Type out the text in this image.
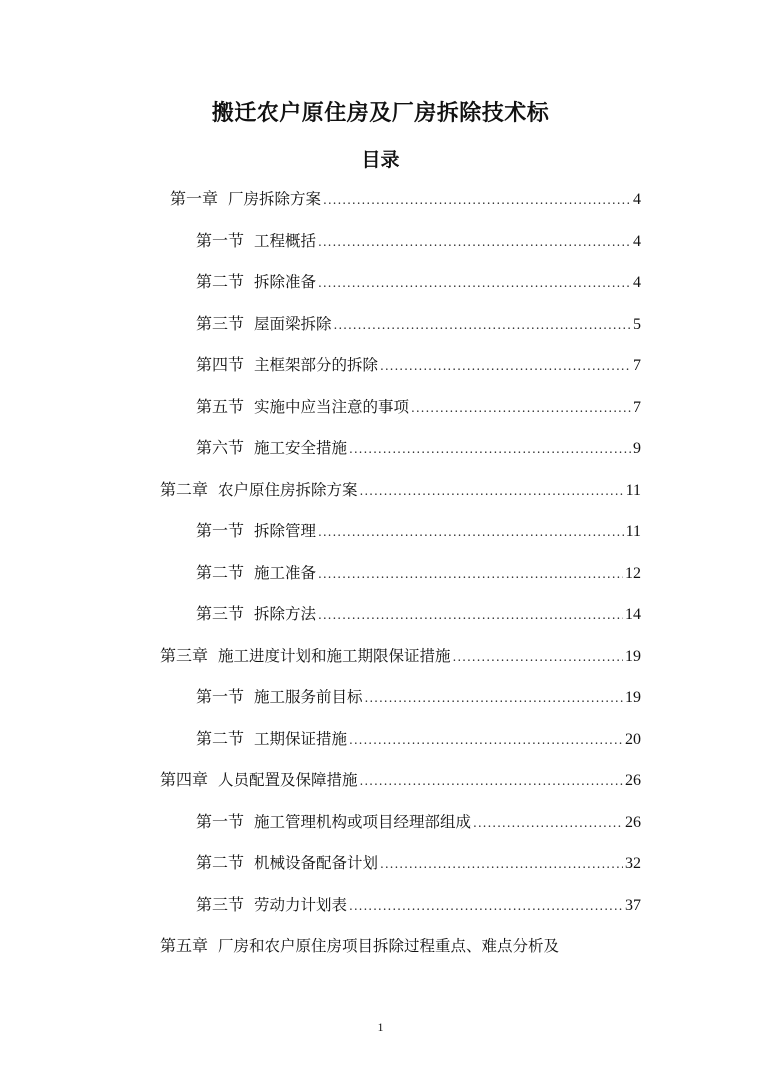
搬迁农户原住房及厂房拆除技术标
目录
第一章 厂房拆除方案 .....	4
第一节 工程概括 .....	4
第二节 拆除准备 .....	4
第三节 屋面梁拆除 .....	5
第四节 主框架部分的拆除 .....	7
第五节 实施中应当注意的事项 .....	7
第六节 施工安全措施 .....	9
第二章 农户原住房拆除方案 .....	11
第一节 拆除管理 .....	11
第二节 施工准备 .....	12
第三节 拆除方法 .....	14
第三章 施工进度计划和施工期限保证措施 .....	19
第一节 施工服务前目标 .....	19
第二节 工期保证措施 .....	20
第四章 人员配置及保障措施 .....	26
第一节 施工管理机构或项目经理部组成 .....	26
第二节 机械设备配备计划 .....	32
第三节 劳动力计划表 .....	37
第五章 厂房和农户原住房项目拆除过程重点、难点分析及
1
